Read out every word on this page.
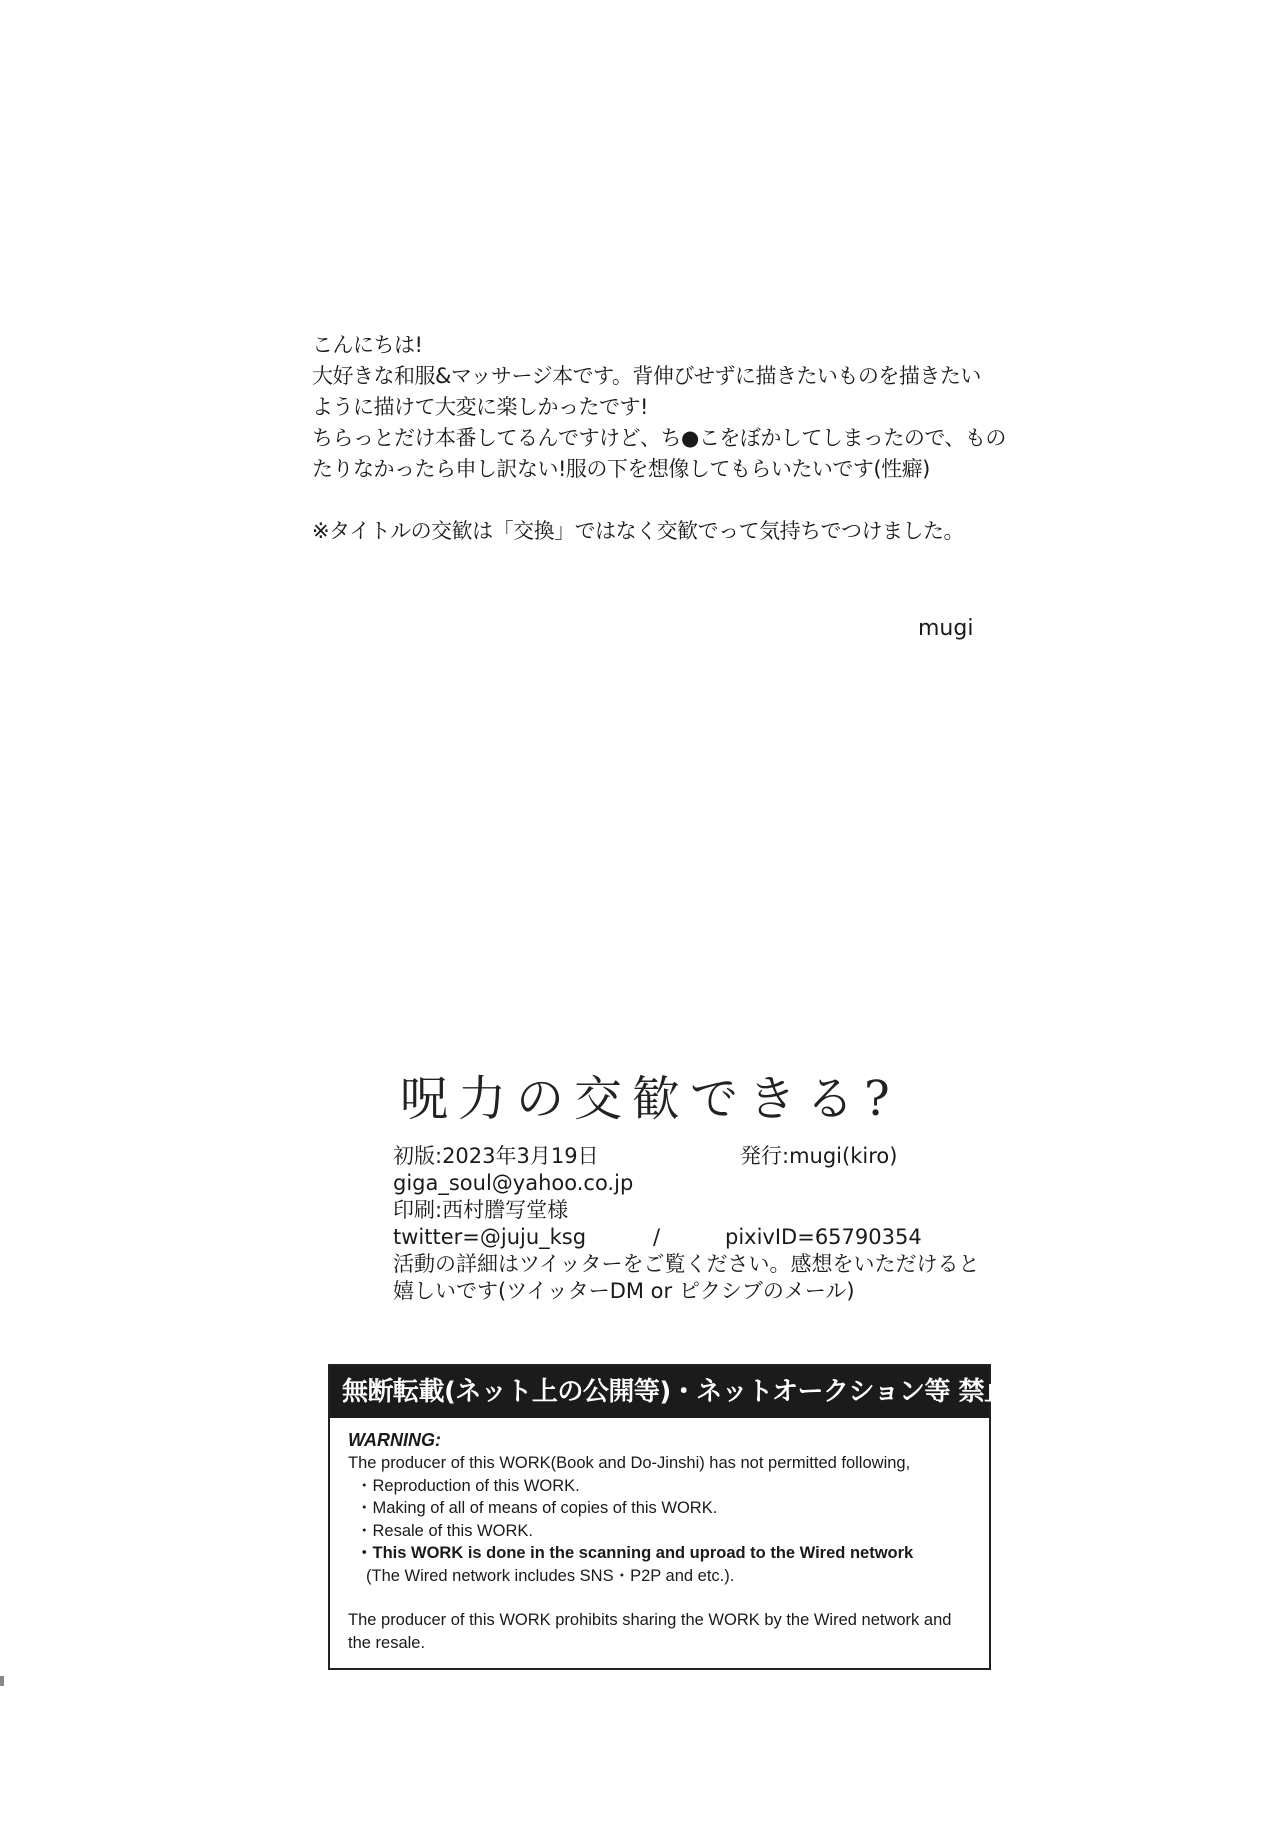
こんにちは!
大好きな和服&マッサージ本です。背伸びせずに描きたいものを描きたい
ように描けて大変に楽しかったです!
ちらっとだけ本番してるんですけど、ち●こをぼかしてしまったので、もの
たりなかったら申し訳ない!服の下を想像してもらいたいです(性癖)
※タイトルの交歓は「交換」ではなく交歓でって気持ちでつけました。
mugi
呪力の交歓できる?
初版:2023年3月19日	発行:mugi(kiro)
giga_soul@yahoo.co.jp
印刷:西村謄写堂様
twitter=@juju_ksg	/	pixivID=65790354
活動の詳細はツイッターをご覧ください。感想をいただけると
嬉しいです(ツイッターDM or ピクシブのメール)
無断転載(ネット上の公開等)・ネットオークション等 禁止
WARNING:
The producer of this WORK(Book and Do-Jinshi) has not permitted following,
・Reproduction of this WORK.
・Making of all of means of copies of this WORK.
・Resale of this WORK.
・This WORK is done in the scanning and uproad to the Wired network
(The Wired network includes SNS・P2P and etc.).
The producer of this WORK prohibits sharing the WORK by the Wired network and the resale.
